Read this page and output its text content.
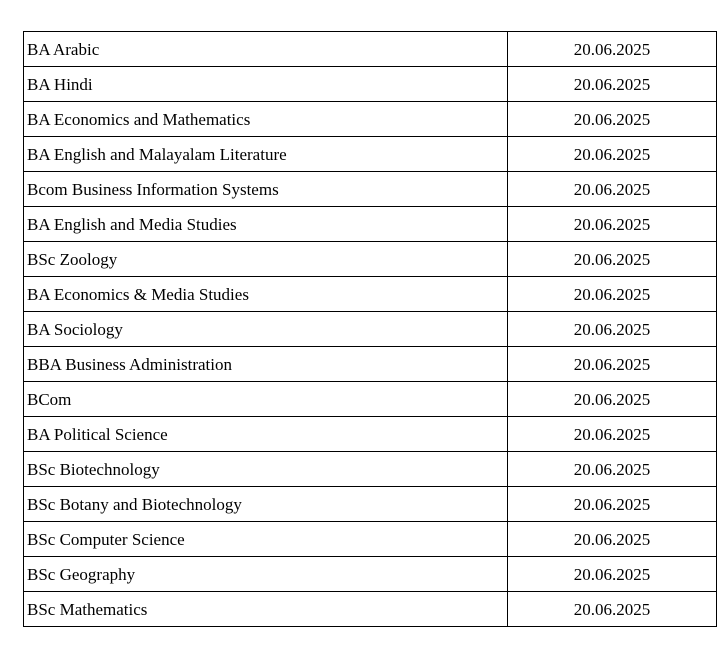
BA Arabic	20.06.2025
BA Hindi	20.06.2025
BA Economics and Mathematics	20.06.2025
BA English and Malayalam Literature	20.06.2025
Bcom Business Information Systems	20.06.2025
BA English and Media Studies	20.06.2025
BSc Zoology	20.06.2025
BA Economics & Media Studies	20.06.2025
BA Sociology	20.06.2025
BBA Business Administration	20.06.2025
BCom	20.06.2025
BA Political Science	20.06.2025
BSc Biotechnology	20.06.2025
BSc Botany and Biotechnology	20.06.2025
BSc Computer Science	20.06.2025
BSc Geography	20.06.2025
BSc Mathematics	20.06.2025
